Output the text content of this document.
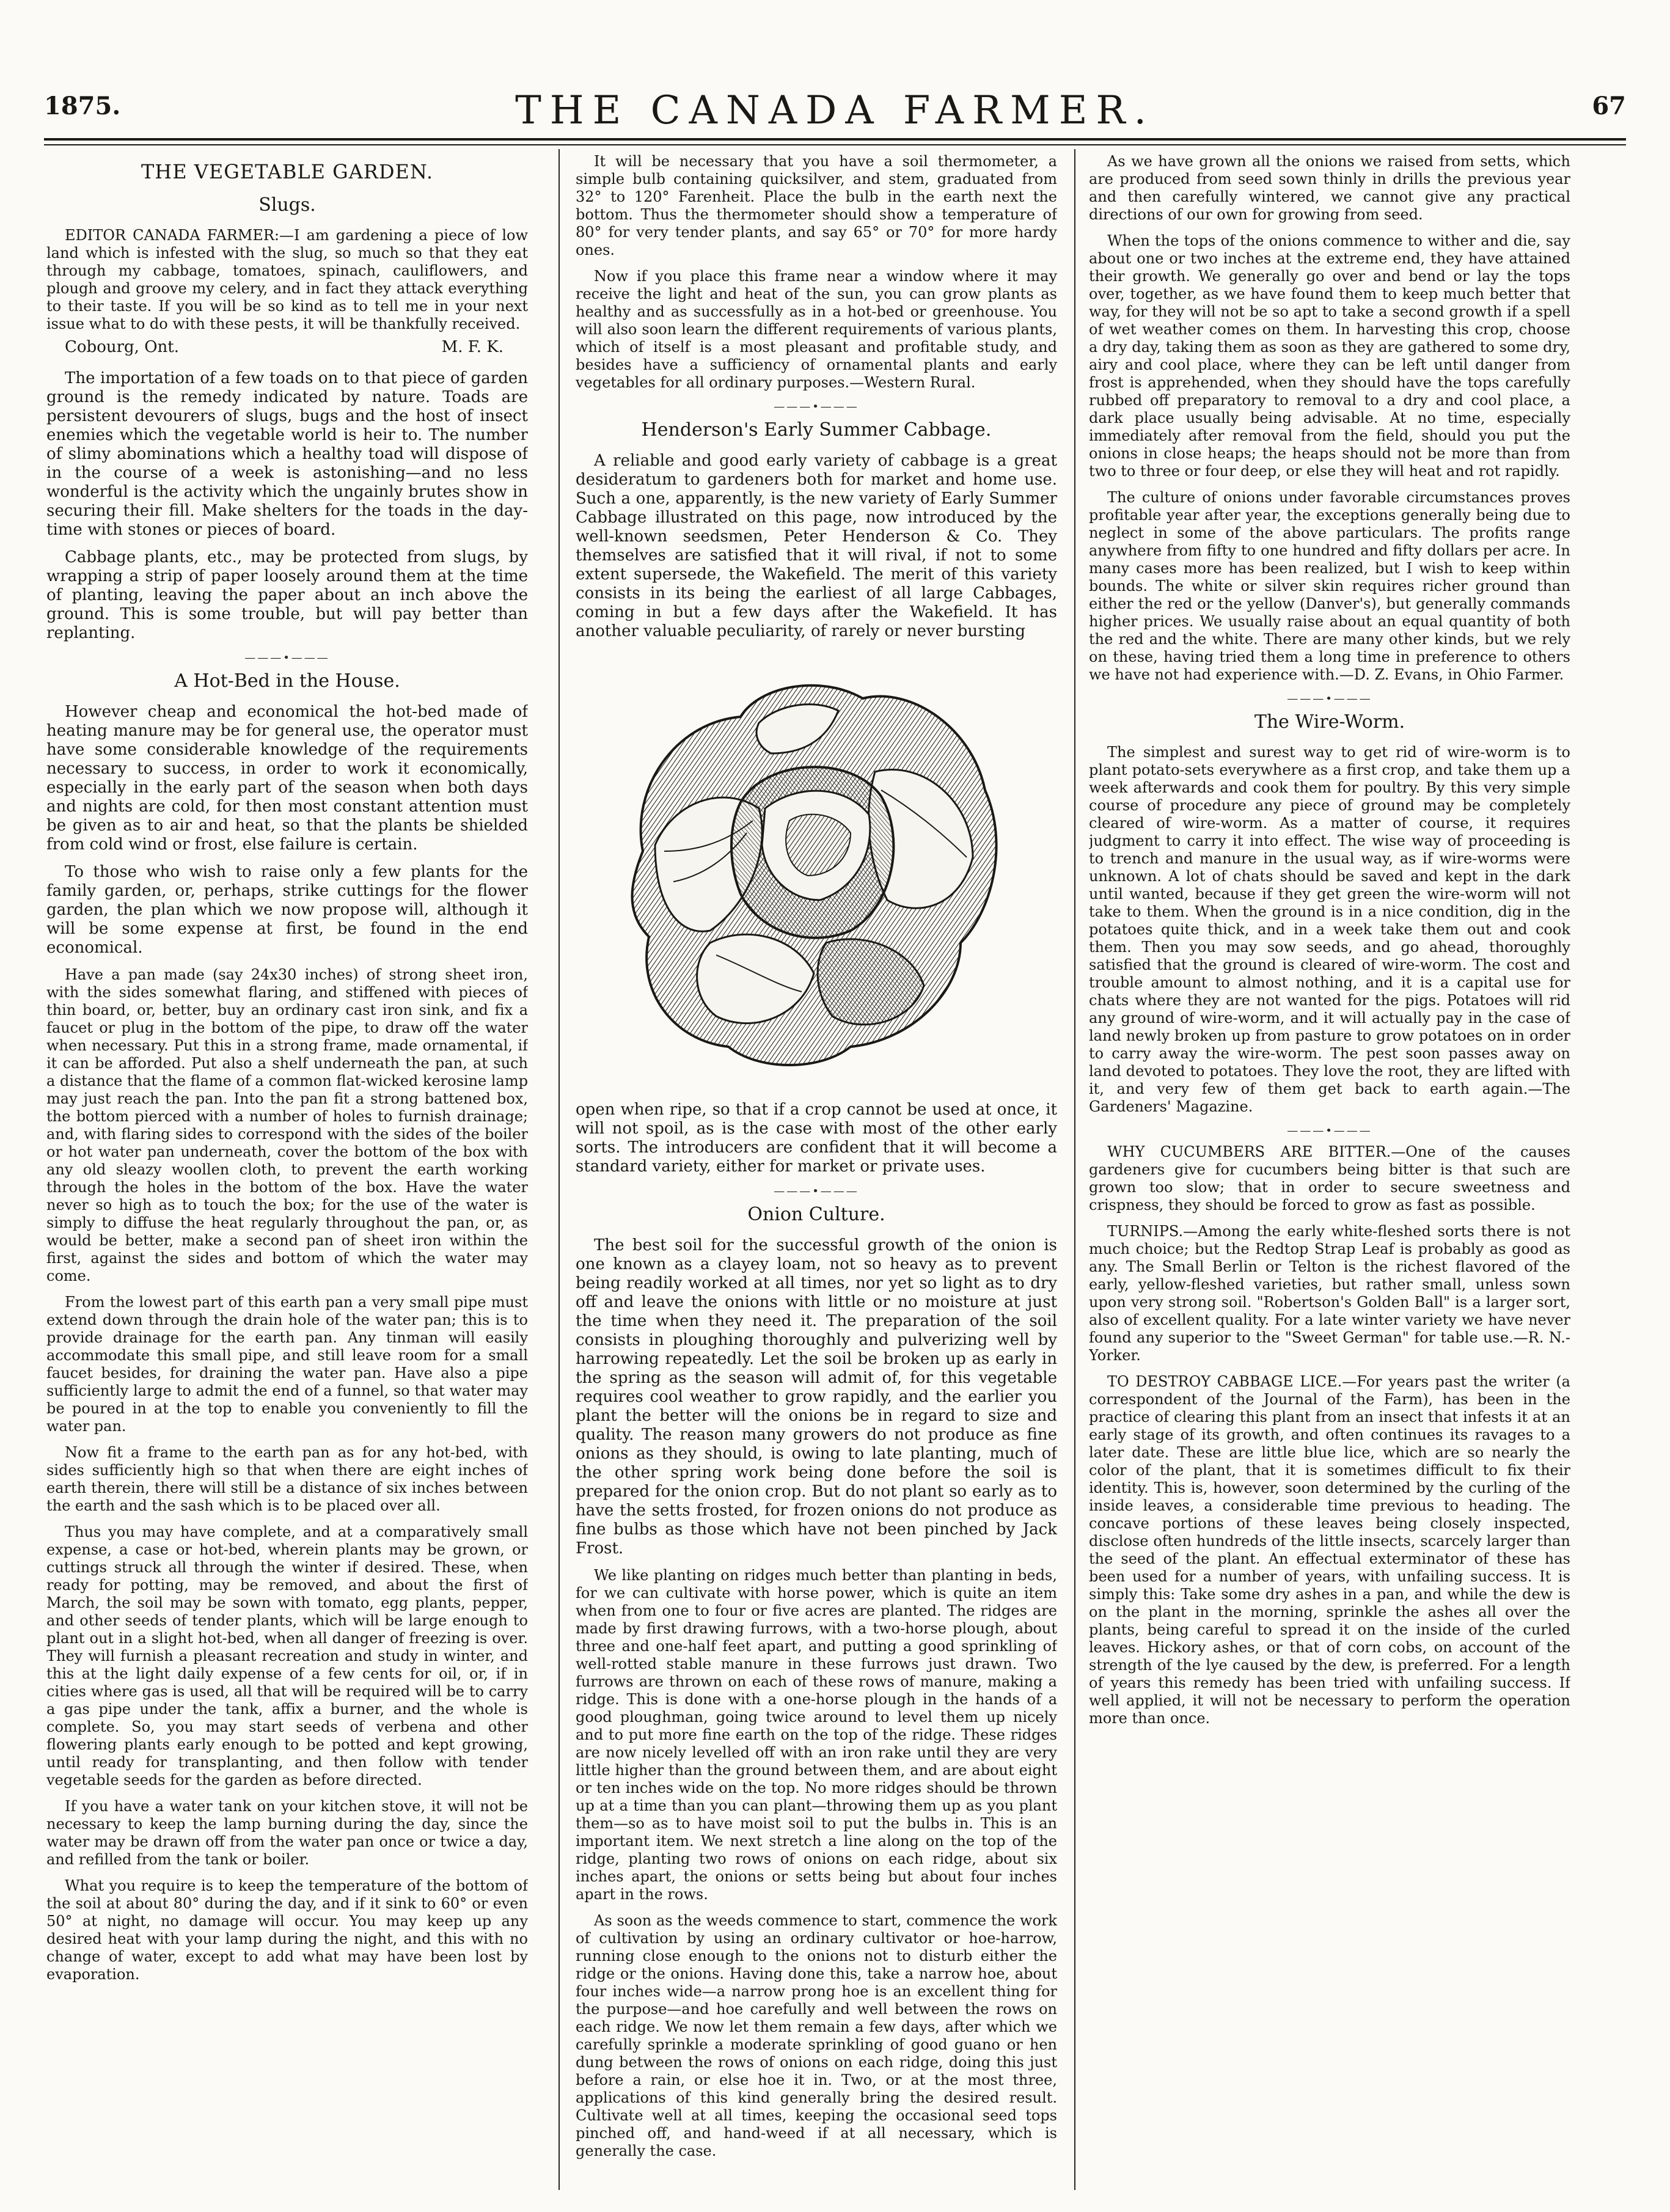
1875.	THE CANADA FARMER.	67
THE VEGETABLE GARDEN.
Slugs.

EDITOR CANADA FARMER:—I am gardening a piece of low land which is infested with the slug, so much so that they eat through my cabbage, tomatoes, spinach, cauliflowers, and plough and groove my celery, and in fact they attack everything to their taste. If you will be so kind as to tell me in your next issue what to do with these pests, it will be thankfully received.

Cobourg, Ont.	M. F. K.

The importation of a few toads on to that piece of garden ground is the remedy indicated by nature. Toads are persistent devourers of slugs, bugs and the host of insect enemies which the vegetable world is heir to. The number of slimy abominations which a healthy toad will dispose of in the course of a week is astonishing—and no less wonderful is the activity which the ungainly brutes show in securing their fill. Make shelters for the toads in the day-time with stones or pieces of board.

Cabbage plants, etc., may be protected from slugs, by wrapping a strip of paper loosely around them at the time of planting, leaving the paper about an inch above the ground. This is some trouble, but will pay better than replanting.

———•———
A Hot-Bed in the House.

However cheap and economical the hot-bed made of heating manure may be for general use, the operator must have some considerable knowledge of the requirements necessary to success, in order to work it economically, especially in the early part of the season when both days and nights are cold, for then most constant attention must be given as to air and heat, so that the plants be shielded from cold wind or frost, else failure is certain.

To those who wish to raise only a few plants for the family garden, or, perhaps, strike cuttings for the flower garden, the plan which we now propose will, although it will be some expense at first, be found in the end economical.

Have a pan made (say 24x30 inches) of strong sheet iron, with the sides somewhat flaring, and stiffened with pieces of thin board, or, better, buy an ordinary cast iron sink, and fix a faucet or plug in the bottom of the pipe, to draw off the water when necessary. Put this in a strong frame, made ornamental, if it can be afforded. Put also a shelf underneath the pan, at such a distance that the flame of a common flat-wicked kerosine lamp may just reach the pan. Into the pan fit a strong battened box, the bottom pierced with a number of holes to furnish drainage; and, with flaring sides to correspond with the sides of the boiler or hot water pan underneath, cover the bottom of the box with any old sleazy woollen cloth, to prevent the earth working through the holes in the bottom of the box. Have the water never so high as to touch the box; for the use of the water is simply to diffuse the heat regularly throughout the pan, or, as would be better, make a second pan of sheet iron within the first, against the sides and bottom of which the water may come.

From the lowest part of this earth pan a very small pipe must extend down through the drain hole of the water pan; this is to provide drainage for the earth pan. Any tinman will easily accommodate this small pipe, and still leave room for a small faucet besides, for draining the water pan. Have also a pipe sufficiently large to admit the end of a funnel, so that water may be poured in at the top to enable you conveniently to fill the water pan.

Now fit a frame to the earth pan as for any hot-bed, with sides sufficiently high so that when there are eight inches of earth therein, there will still be a distance of six inches between the earth and the sash which is to be placed over all.

Thus you may have complete, and at a comparatively small expense, a case or hot-bed, wherein plants may be grown, or cuttings struck all through the winter if desired. These, when ready for potting, may be removed, and about the first of March, the soil may be sown with tomato, egg plants, pepper, and other seeds of tender plants, which will be large enough to plant out in a slight hot-bed, when all danger of freezing is over. They will furnish a pleasant recreation and study in winter, and this at the light daily expense of a few cents for oil, or, if in cities where gas is used, all that will be required will be to carry a gas pipe under the tank, affix a burner, and the whole is complete. So, you may start seeds of verbena and other flowering plants early enough to be potted and kept growing, until ready for transplanting, and then follow with tender vegetable seeds for the garden as before directed.

If you have a water tank on your kitchen stove, it will not be necessary to keep the lamp burning during the day, since the water may be drawn off from the water pan once or twice a day, and refilled from the tank or boiler.

What you require is to keep the temperature of the bottom of the soil at about 80° during the day, and if it sink to 60° or even 50° at night, no damage will occur. You may keep up any desired heat with your lamp during the night, and this with no change of water, except to add what may have been lost by evaporation.

It will be necessary that you have a soil thermometer, a simple bulb containing quicksilver, and stem, graduated from 32° to 120° Farenheit. Place the bulb in the earth next the bottom. Thus the thermometer should show a temperature of 80° for very tender plants, and say 65° or 70° for more hardy ones.

Now if you place this frame near a window where it may receive the light and heat of the sun, you can grow plants as healthy and as successfully as in a hot-bed or greenhouse. You will also soon learn the different requirements of various plants, which of itself is a most pleasant and profitable study, and besides have a sufficiency of ornamental plants and early vegetables for all ordinary purposes.—Western Rural.

———•———
Henderson's Early Summer Cabbage.

A reliable and good early variety of cabbage is a great desideratum to gardeners both for market and home use. Such a one, apparently, is the new variety of Early Summer Cabbage illustrated on this page, now introduced by the well-known seedsmen, Peter Henderson & Co. They themselves are satisfied that it will rival, if not to some extent supersede, the Wakefield. The merit of this variety consists in its being the earliest of all large Cabbages, coming in but a few days after the Wakefield. It has another valuable peculiarity, of rarely or never bursting

open when ripe, so that if a crop cannot be used at once, it will not spoil, as is the case with most of the other early sorts. The introducers are confident that it will become a standard variety, either for market or private uses.

———•———
Onion Culture.

The best soil for the successful growth of the onion is one known as a clayey loam, not so heavy as to prevent being readily worked at all times, nor yet so light as to dry off and leave the onions with little or no moisture at just the time when they need it. The preparation of the soil consists in ploughing thoroughly and pulverizing well by harrowing repeatedly. Let the soil be broken up as early in the spring as the season will admit of, for this vegetable requires cool weather to grow rapidly, and the earlier you plant the better will the onions be in regard to size and quality. The reason many growers do not produce as fine onions as they should, is owing to late planting, much of the other spring work being done before the soil is prepared for the onion crop. But do not plant so early as to have the setts frosted, for frozen onions do not produce as fine bulbs as those which have not been pinched by Jack Frost.

We like planting on ridges much better than planting in beds, for we can cultivate with horse power, which is quite an item when from one to four or five acres are planted. The ridges are made by first drawing furrows, with a two-horse plough, about three and one-half feet apart, and putting a good sprinkling of well-rotted stable manure in these furrows just drawn. Two furrows are thrown on each of these rows of manure, making a ridge. This is done with a one-horse plough in the hands of a good ploughman, going twice around to level them up nicely and to put more fine earth on the top of the ridge. These ridges are now nicely levelled off with an iron rake until they are very little higher than the ground between them, and are about eight or ten inches wide on the top. No more ridges should be thrown up at a time than you can plant—throwing them up as you plant them—so as to have moist soil to put the bulbs in. This is an important item. We next stretch a line along on the top of the ridge, planting two rows of onions on each ridge, about six inches apart, the onions or setts being but about four inches apart in the rows.

As soon as the weeds commence to start, commence the work of cultivation by using an ordinary cultivator or hoe-harrow, running close enough to the onions not to disturb either the ridge or the onions. Having done this, take a narrow hoe, about four inches wide—a narrow prong hoe is an excellent thing for the purpose—and hoe carefully and well between the rows on each ridge. We now let them remain a few days, after which we carefully sprinkle a moderate sprinkling of good guano or hen dung between the rows of onions on each ridge, doing this just before a rain, or else hoe it in. Two, or at the most three, applications of this kind generally bring the desired result. Cultivate well at all times, keeping the occasional seed tops pinched off, and hand-weed if at all necessary, which is generally the case.

As we have grown all the onions we raised from setts, which are produced from seed sown thinly in drills the previous year and then carefully wintered, we cannot give any practical directions of our own for growing from seed.

When the tops of the onions commence to wither and die, say about one or two inches at the extreme end, they have attained their growth. We generally go over and bend or lay the tops over, together, as we have found them to keep much better that way, for they will not be so apt to take a second growth if a spell of wet weather comes on them. In harvesting this crop, choose a dry day, taking them as soon as they are gathered to some dry, airy and cool place, where they can be left until danger from frost is apprehended, when they should have the tops carefully rubbed off preparatory to removal to a dry and cool place, a dark place usually being advisable. At no time, especially immediately after removal from the field, should you put the onions in close heaps; the heaps should not be more than from two to three or four deep, or else they will heat and rot rapidly.

The culture of onions under favorable circumstances proves profitable year after year, the exceptions generally being due to neglect in some of the above particulars. The profits range anywhere from fifty to one hundred and fifty dollars per acre. In many cases more has been realized, but I wish to keep within bounds. The white or silver skin requires richer ground than either the red or the yellow (Danver's), but generally commands higher prices. We usually raise about an equal quantity of both the red and the white. There are many other kinds, but we rely on these, having tried them a long time in preference to others we have not had experience with.—D. Z. Evans, in Ohio Farmer.

———•———
The Wire-Worm.

The simplest and surest way to get rid of wire-worm is to plant potato-sets everywhere as a first crop, and take them up a week afterwards and cook them for poultry. By this very simple course of procedure any piece of ground may be completely cleared of wire-worm. As a matter of course, it requires judgment to carry it into effect. The wise way of proceeding is to trench and manure in the usual way, as if wire-worms were unknown. A lot of chats should be saved and kept in the dark until wanted, because if they get green the wire-worm will not take to them. When the ground is in a nice condition, dig in the potatoes quite thick, and in a week take them out and cook them. Then you may sow seeds, and go ahead, thoroughly satisfied that the ground is cleared of wire-worm. The cost and trouble amount to almost nothing, and it is a capital use for chats where they are not wanted for the pigs. Potatoes will rid any ground of wire-worm, and it will actually pay in the case of land newly broken up from pasture to grow potatoes on in order to carry away the wire-worm. The pest soon passes away on land devoted to potatoes. They love the root, they are lifted with it, and very few of them get back to earth again.—The Gardeners' Magazine.

———•———

WHY CUCUMBERS ARE BITTER.—One of the causes gardeners give for cucumbers being bitter is that such are grown too slow; that in order to secure sweetness and crispness, they should be forced to grow as fast as possible.

TURNIPS.—Among the early white-fleshed sorts there is not much choice; but the Redtop Strap Leaf is probably as good as any. The Small Berlin or Telton is the richest flavored of the early, yellow-fleshed varieties, but rather small, unless sown upon very strong soil. "Robertson's Golden Ball" is a larger sort, also of excellent quality. For a late winter variety we have never found any superior to the "Sweet German" for table use.—R. N.-Yorker.

TO DESTROY CABBAGE LICE.—For years past the writer (a correspondent of the Journal of the Farm), has been in the practice of clearing this plant from an insect that infests it at an early stage of its growth, and often continues its ravages to a later date. These are little blue lice, which are so nearly the color of the plant, that it is sometimes difficult to fix their identity. This is, however, soon determined by the curling of the inside leaves, a considerable time previous to heading. The concave portions of these leaves being closely inspected, disclose often hundreds of the little insects, scarcely larger than the seed of the plant. An effectual exterminator of these has been used for a number of years, with unfailing success. It is simply this: Take some dry ashes in a pan, and while the dew is on the plant in the morning, sprinkle the ashes all over the plants, being careful to spread it on the inside of the curled leaves. Hickory ashes, or that of corn cobs, on account of the strength of the lye caused by the dew, is preferred. For a length of years this remedy has been tried with unfailing success. If well applied, it will not be necessary to perform the operation more than once.
